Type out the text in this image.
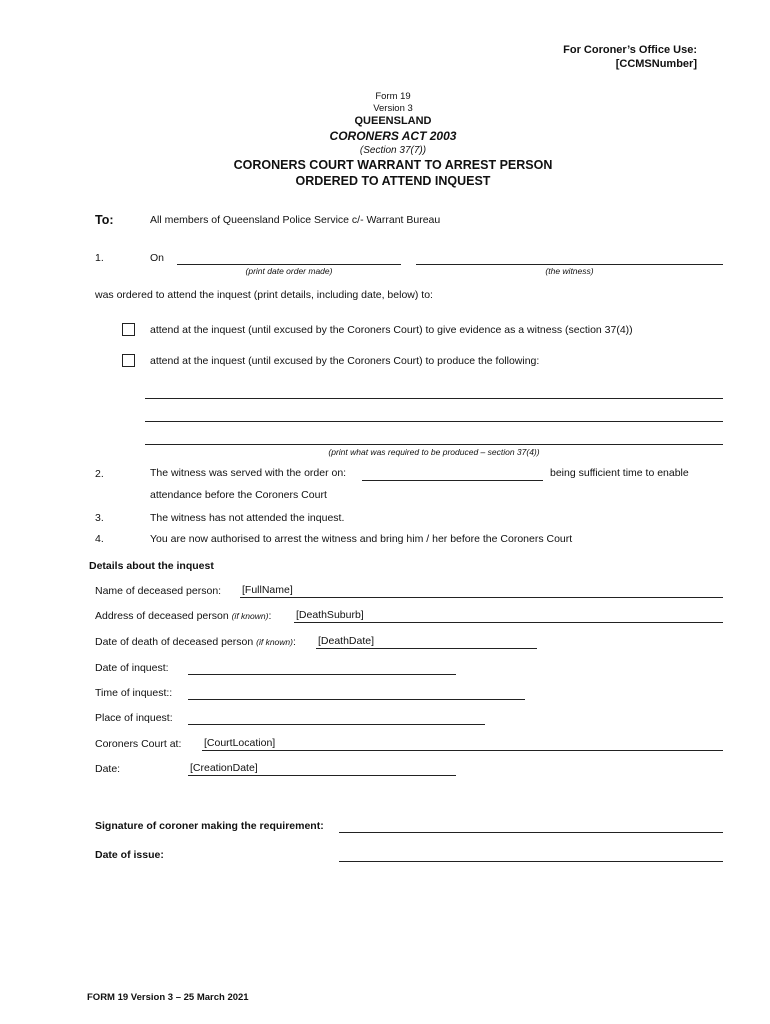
For Coroner’s Office Use:
[CCMSNumber]
Form 19
Version 3
QUEENSLAND
CORONERS ACT 2003
(Section 37(7))
CORONERS COURT WARRANT TO ARREST PERSON
ORDERED TO ATTEND INQUEST
To:	All members of Queensland Police Service c/- Warrant Bureau
1.	On
(print date order made)	(the witness)
was ordered to attend the inquest (print details, including date, below) to:
attend at the inquest (until excused by the Coroners Court) to give evidence as a witness (section 37(4))
attend at the inquest (until excused by the Coroners Court) to produce the following:
(print what was required to be produced – section 37(4))
2.	The witness was served with the order on:	being sufficient time to enable
attendance before the Coroners Court
3.	The witness has not attended the inquest.
4.	You are now authorised to arrest the witness and bring him / her before the Coroners Court
Details about the inquest
Name of deceased person: [FullName]
Address of deceased person (if known): [DeathSuburb]
Date of death of deceased person (if known): [DeathDate]
Date of inquest:
Time of inquest::
Place of inquest:
Coroners Court at: [CourtLocation]
Date:	[CreationDate]
Signature of coroner making the requirement:
Date of issue:
FORM 19 Version 3 – 25 March 2021
